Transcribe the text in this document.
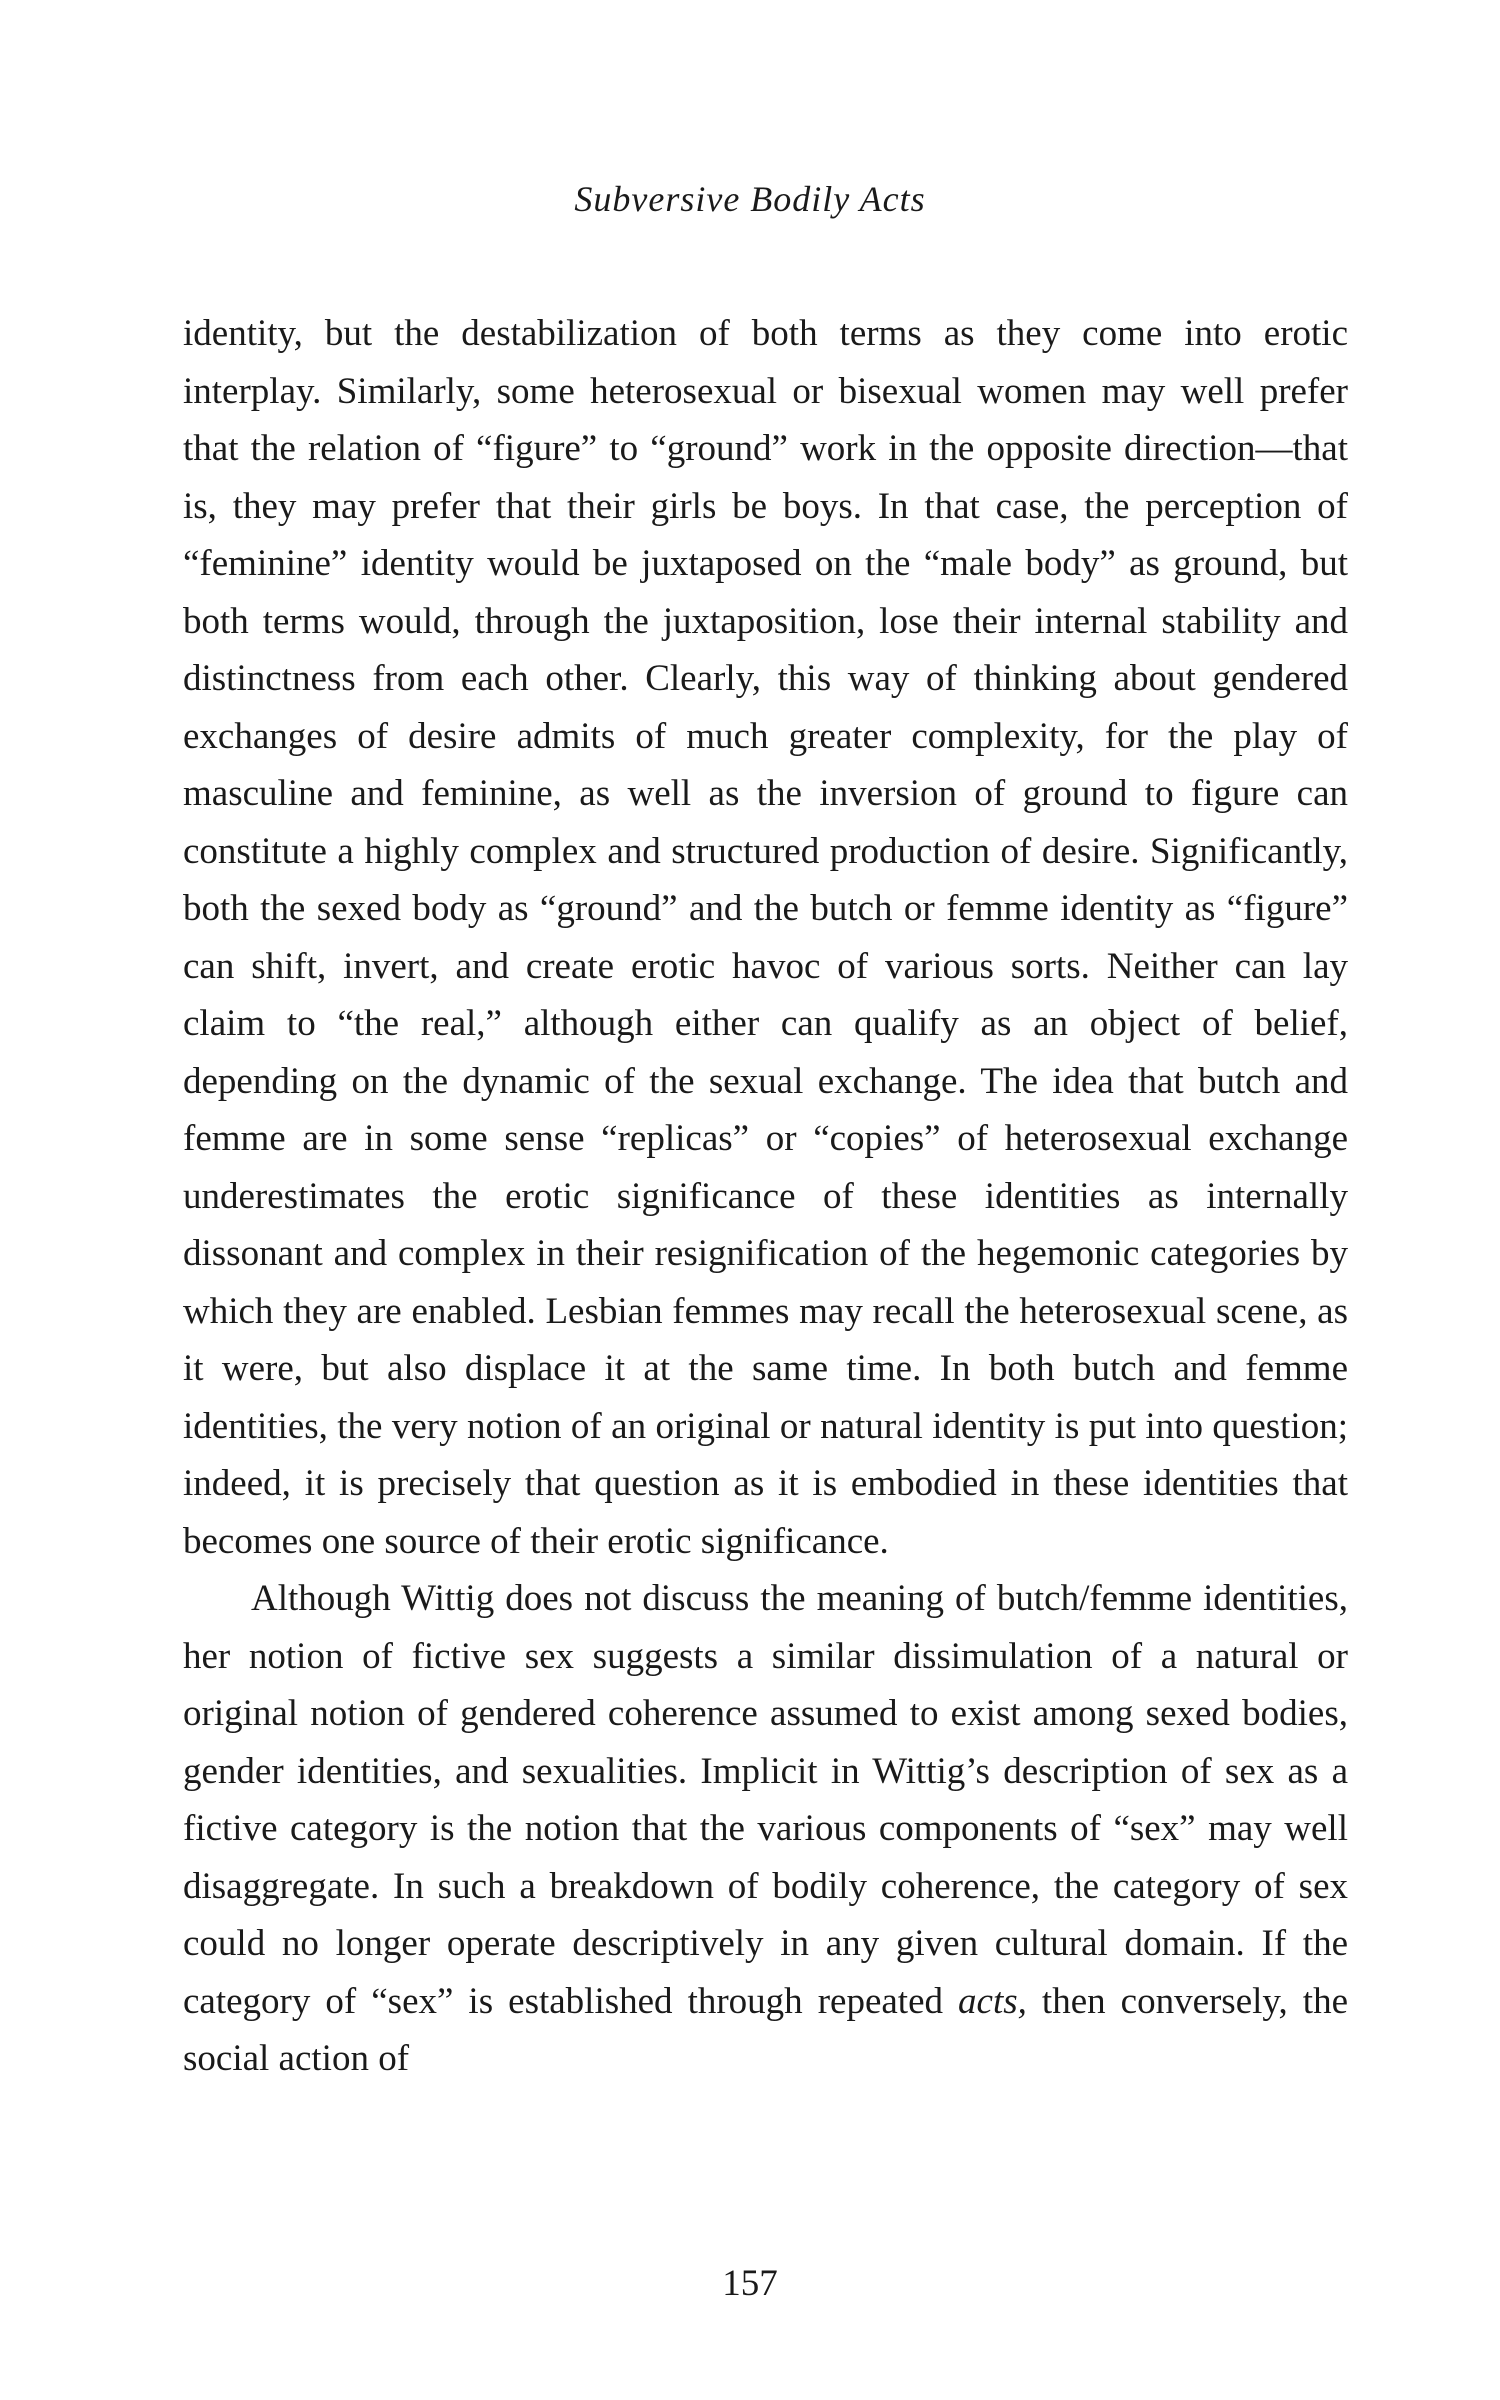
Subversive Bodily Acts

identity, but the destabilization of both terms as they come into erotic interplay. Similarly, some heterosexual or bisexual women may well prefer that the relation of “figure” to “ground” work in the opposite direction—that is, they may prefer that their girls be boys. In that case, the perception of “feminine” identity would be juxtaposed on the “male body” as ground, but both terms would, through the juxtaposition, lose their internal stability and distinctness from each other. Clearly, this way of thinking about gendered exchanges of desire admits of much greater complexity, for the play of masculine and feminine, as well as the inversion of ground to figure can constitute a highly complex and structured production of desire. Significantly, both the sexed body as “ground” and the butch or femme identity as “figure” can shift, invert, and create erotic havoc of various sorts. Neither can lay claim to “the real,” although either can qualify as an object of belief, depending on the dynamic of the sexual exchange. The idea that butch and femme are in some sense “replicas” or “copies” of heterosexual exchange underestimates the erotic significance of these identities as internally dissonant and complex in their resignification of the hegemonic categories by which they are enabled. Lesbian femmes may recall the heterosexual scene, as it were, but also displace it at the same time. In both butch and femme identities, the very notion of an original or natural identity is put into question; indeed, it is precisely that question as it is embodied in these identities that becomes one source of their erotic significance.

Although Wittig does not discuss the meaning of butch/femme identities, her notion of fictive sex suggests a similar dissimulation of a natural or original notion of gendered coherence assumed to exist among sexed bodies, gender identities, and sexualities. Implicit in Wittig’s description of sex as a fictive category is the notion that the various components of “sex” may well disaggregate. In such a breakdown of bodily coherence, the category of sex could no longer operate descriptively in any given cultural domain. If the category of “sex” is established through repeated acts, then conversely, the social action of

157
